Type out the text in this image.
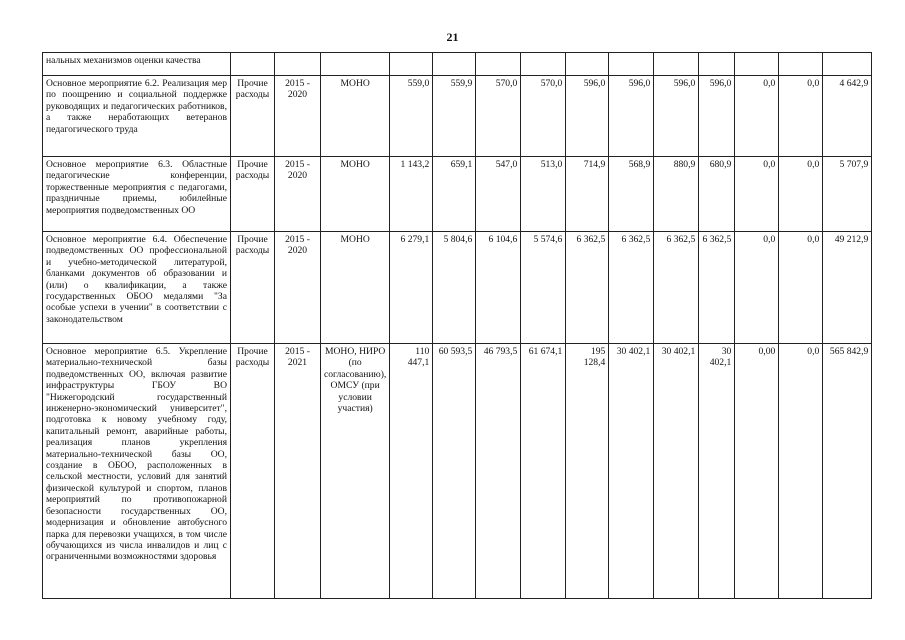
21
нальных механизмов оценки качества														
Основное мероприятие 6.2. Реализация мер по поощрению и социальной поддержке руководящих и педагогических работников, а также неработающих ветеранов педагогического труда	Прочие расходы	2015 - 2020	МОНО	559,0	559,9	570,0	570,0	596,0	596,0	596,0	596,0	0,0	0,0	4 642,9
Основное мероприятие 6.3. Областные педагогические конференции, торжественные мероприятия с педагогами, праздничные приемы, юбилейные мероприятия подведомственных ОО	Прочие расходы	2015 - 2020	МОНО	1 143,2	659,1	547,0	513,0	714,9	568,9	880,9	680,9	0,0	0,0	5 707,9
Основное мероприятие 6.4. Обеспечение подведомственных ОО профессиональной и учебно-методической литературой, бланками документов об образовании и (или) о квалификации, а также государственных ОБОО медалями "За особые успехи в учении" в соответствии с законодательством	Прочие расходы	2015 - 2020	МОНО	6 279,1	5 804,6	6 104,6	5 574,6	6 362,5	6 362,5	6 362,5	6 362,5	0,0	0,0	49 212,9
Основное мероприятие 6.5. Укрепление материально-технической базы подведомственных ОО, включая развитие инфраструктуры ГБОУ ВО "Нижегородский государственный инженерно-экономический университет", подготовка к новому учебному году, капитальный ремонт, аварийные работы, реализация планов укрепления материально-технической базы ОО, создание в ОБОО, расположенных в сельской местности, условий для занятий физической культурой и спортом, планов мероприятий по противопожарной безопасности государственных ОО, модернизация и обновление автобусного парка для перевозки учащихся, в том числе обучающихся из числа инвалидов и лиц с ограниченными возможностями здоровья	Прочие расходы	2015 - 2021	МОНО, НИРО (по согласованию), ОМСУ (при условии участия)	110 447,1	60 593,5	46 793,5	61 674,1	195 128,4	30 402,1	30 402,1	30 402,1	0,00	0,0	565 842,9
